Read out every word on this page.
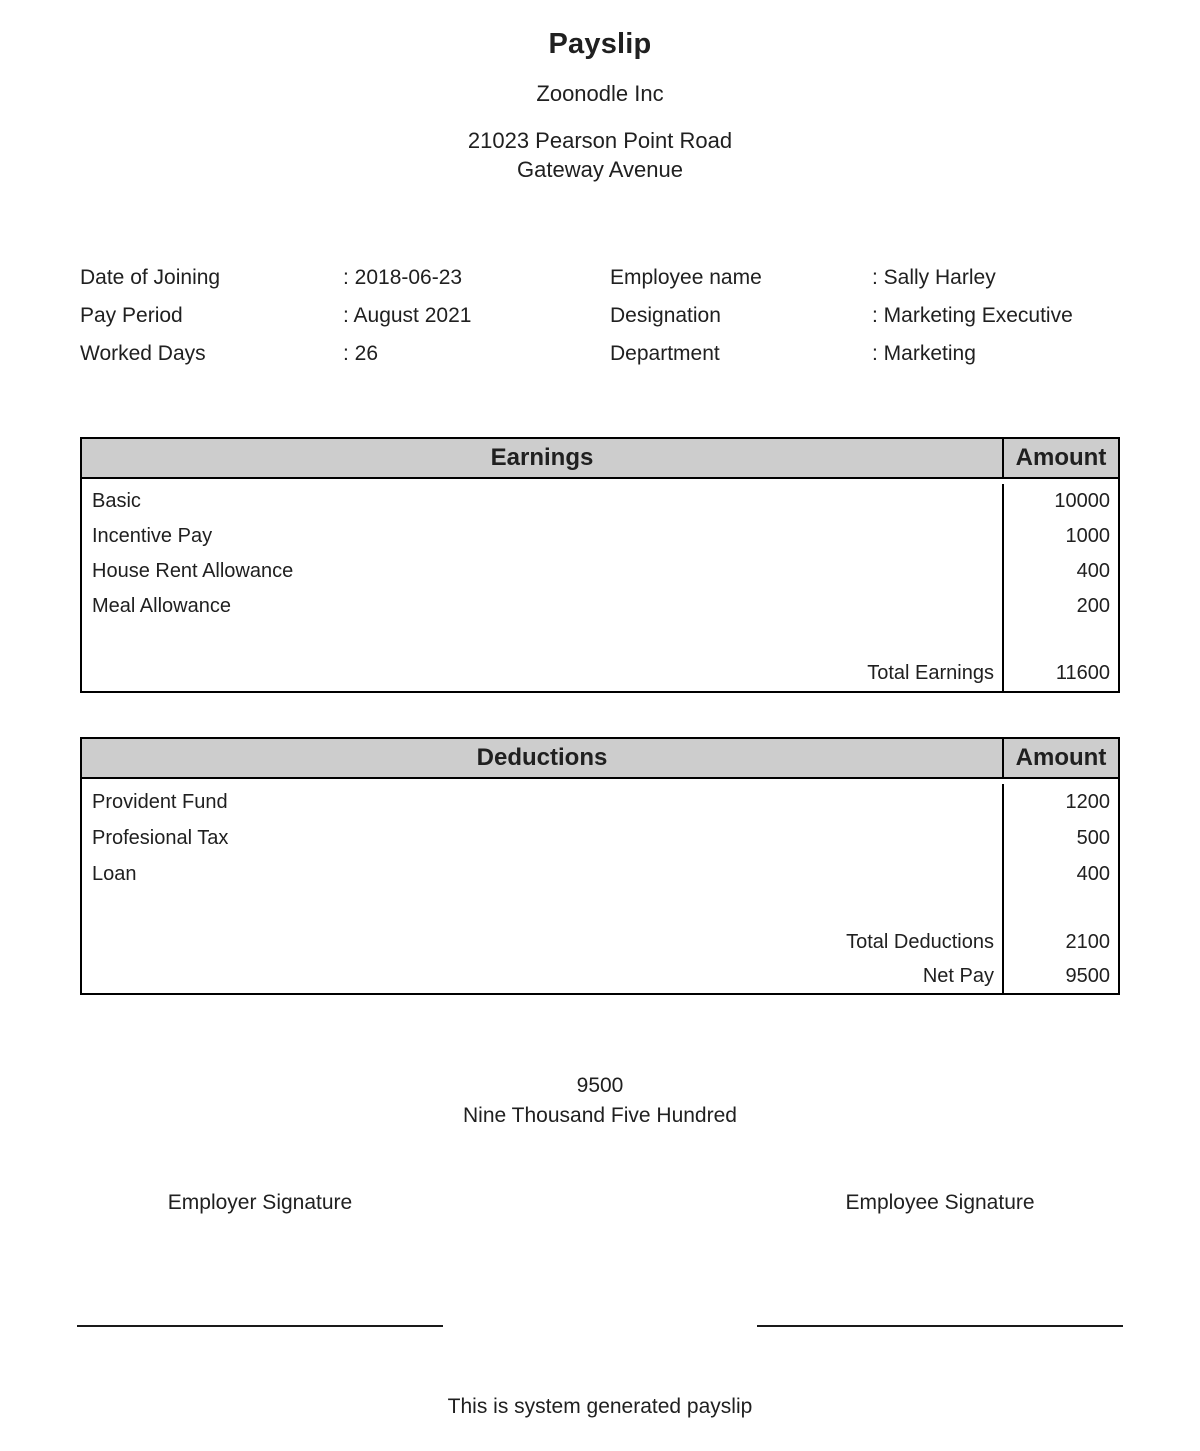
Payslip
Zoonodle Inc
21023 Pearson Point Road
Gateway Avenue
Date of Joining	: 2018-06-23	Employee name	: Sally Harley
Pay Period	: August 2021	Designation	: Marketing Executive
Worked Days	: 26	Department	: Marketing
Earnings	Amount
Basic	10000
Incentive Pay	1000
House Rent Allowance	400
Meal Allowance	200
Total Earnings	11600
Deductions	Amount
Provident Fund	1200
Profesional Tax	500
Loan	400
Total Deductions	2100
Net Pay	9500
9500
Nine Thousand Five Hundred
Employer Signature	Employee Signature
This is system generated payslip
